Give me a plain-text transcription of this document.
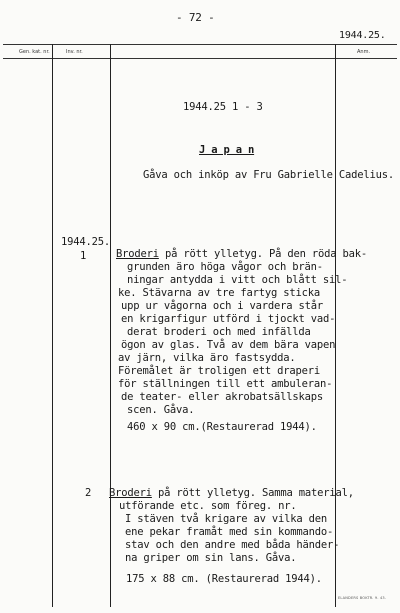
- 72 -
1944.25.
Gen. kat. nr.	Inv. nr.	Anm.
1944.25 1 - 3
J a p a n
Gåva och inköp av Fru Gabrielle Cadelius.
1944.25.
1	Broderi på rött ylletyg. På den röda bak-
grunden äro höga vågor och brän-
ningar antydda i vitt och blått sil-
ke. Stävarna av tre fartyg sticka
upp ur vågorna och i vardera står
en krigarfigur utförd i tjockt vad-
derat broderi och med infällda
ögon av glas. Två av dem bära vapen
av järn, vilka äro fastsydda.
Föremålet är troligen ett draperi
för ställningen till ett ambuleran-
de teater- eller akrobatsällskaps
scen. Gåva.
460 x 90 cm.(Restaurerad 1944).
2 Broderi på rött ylletyg. Samma material,
utförande etc. som föreg. nr.
I stäven två krigare av vilka den
ene pekar framåt med sin kommando-
stav och den andre med båda händer-
na griper om sin lans. Gåva.
175 x 88 cm. (Restaurerad 1944).
ELANDERS BOKTR. 9. 43.
